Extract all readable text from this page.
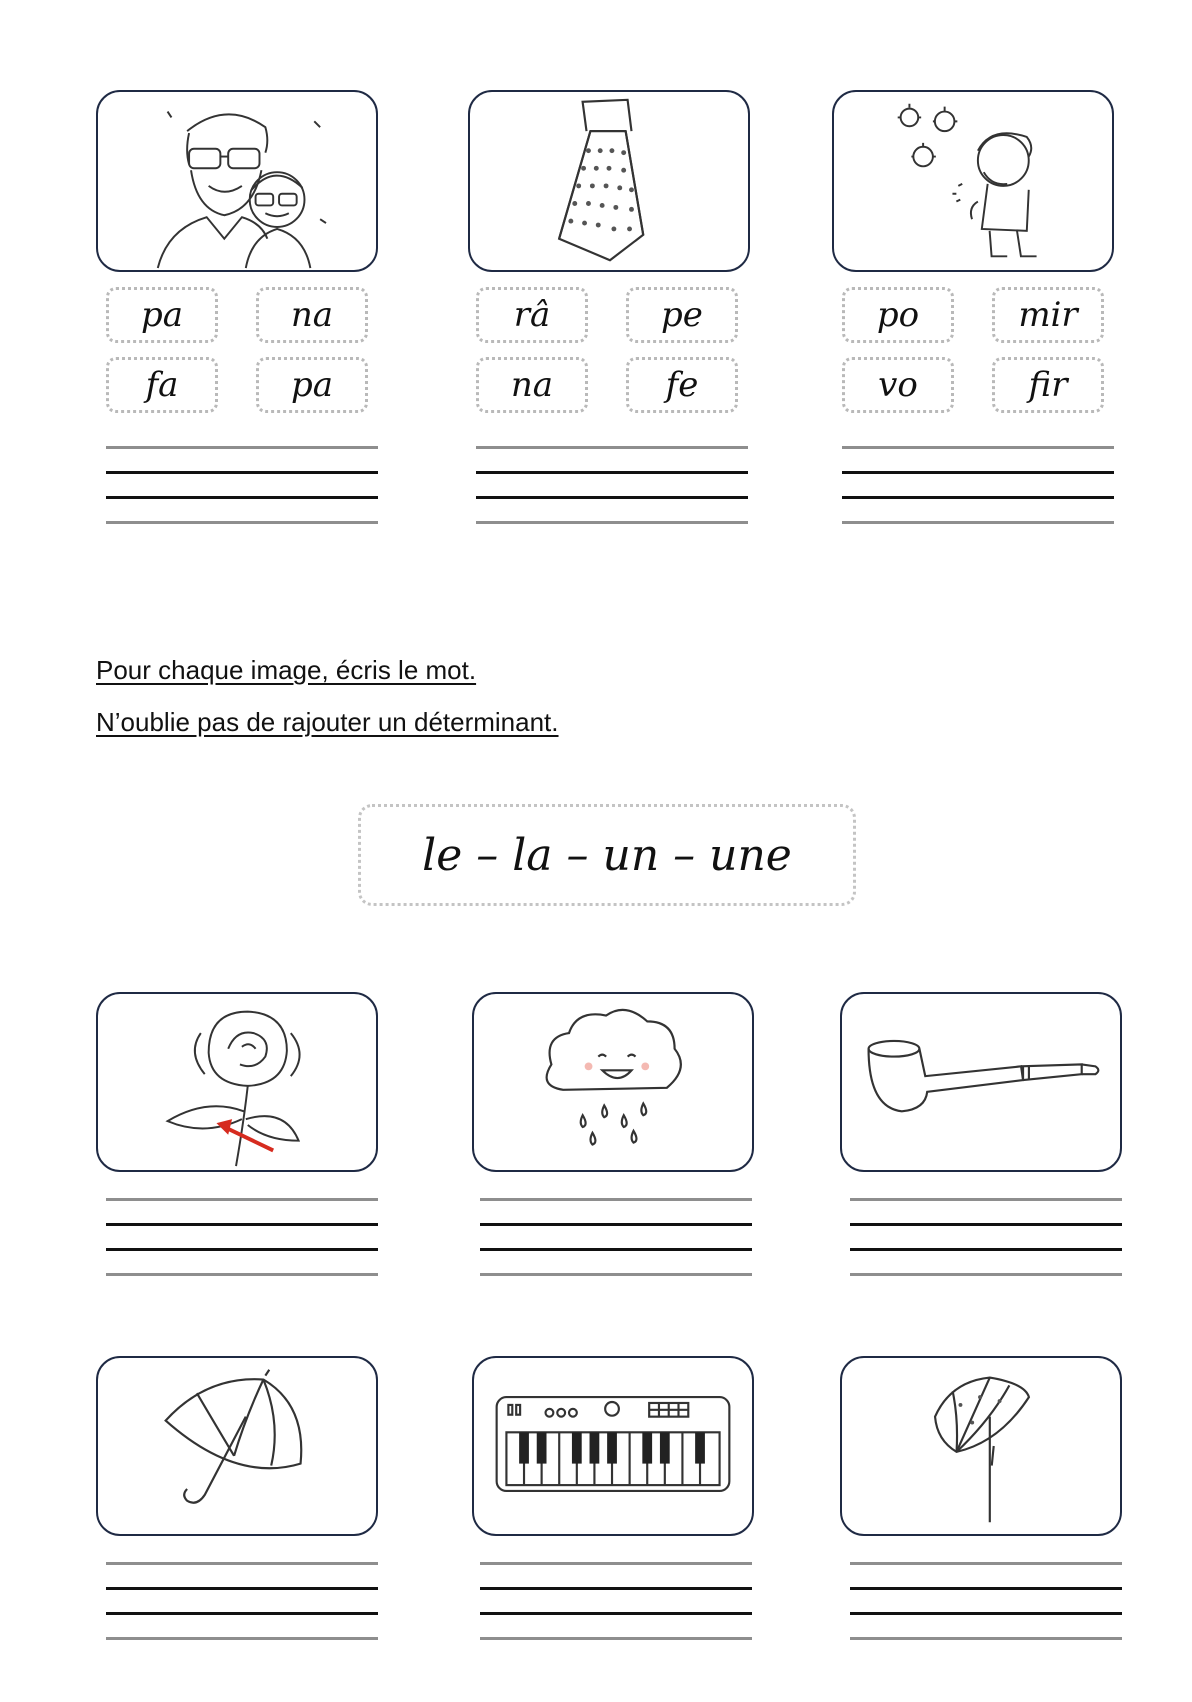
pa	na
fa	pa
râ	pe
na	fe
po	mir
vo	fir
Pour chaque image, écris le mot.
N’oublie pas de rajouter un déterminant.
le – la – un – une
